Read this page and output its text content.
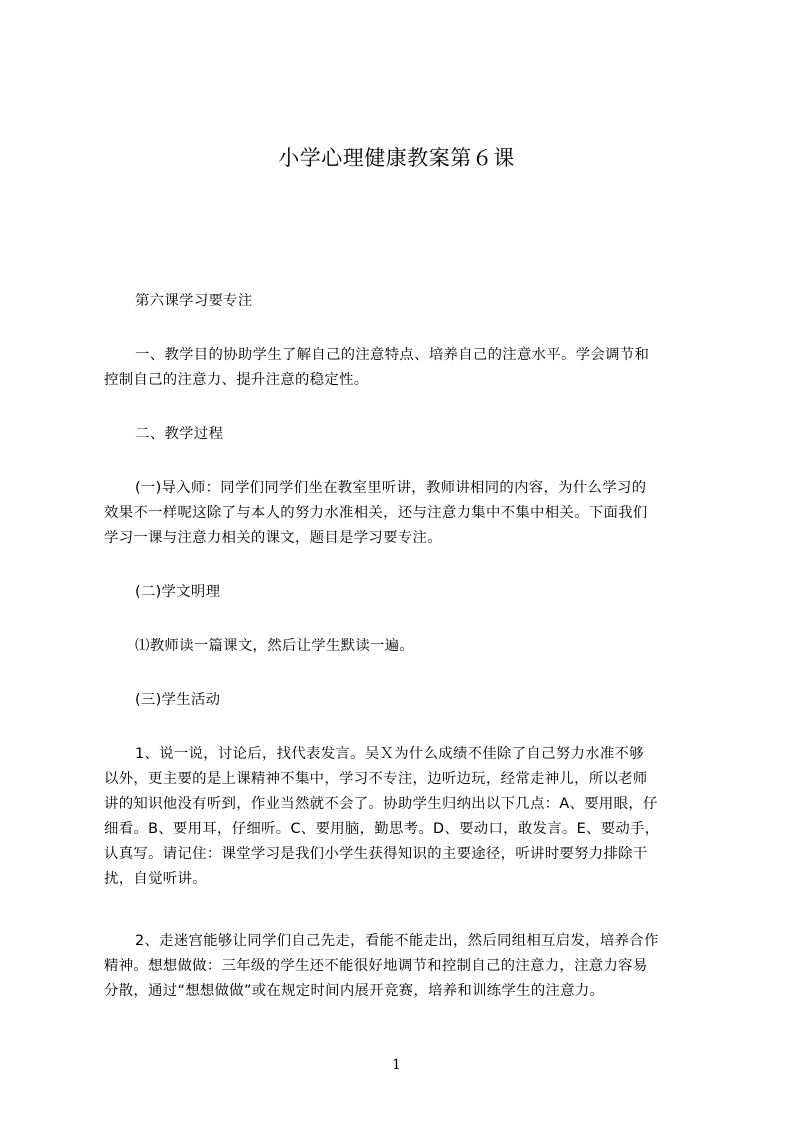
小学心理健康教案第６课
第六课学习要专注
一、教学目的协助学生了解自己的注意特点、培养自己的注意水平。学会调节和
控制自己的注意力、提升注意的稳定性。
二、教学过程
(一)导入师：同学们同学们坐在教室里听讲，教师讲相同的内容，为什么学习的
效果不一样呢这除了与本人的努力水准相关，还与注意力集中不集中相关。下面我们
学习一课与注意力相关的课文，题目是学习要专注。
(二)学文明理
⑴教师读一篇课文，然后让学生默读一遍。
(三)学生活动
1、说一说，讨论后，找代表发言。吴Ｘ为什么成绩不佳除了自己努力水准不够
以外，更主要的是上课精神不集中，学习不专注，边听边玩，经常走神儿，所以老师
讲的知识他没有听到，作业当然就不会了。协助学生归纳出以下几点：A、要用眼，仔
细看。B、要用耳，仔细听。C、要用脑，勤思考。D、要动口，敢发言。E、要动手，
认真写。请记住：课堂学习是我们小学生获得知识的主要途径，听讲时要努力排除干
扰，自觉听讲。
2、走迷宫能够让同学们自己先走，看能不能走出，然后同组相互启发，培养合作
精神。想想做做：三年级的学生还不能很好地调节和控制自己的注意力，注意力容易
分散，通过“想想做做”或在规定时间内展开竞赛，培养和训练学生的注意力。
1
